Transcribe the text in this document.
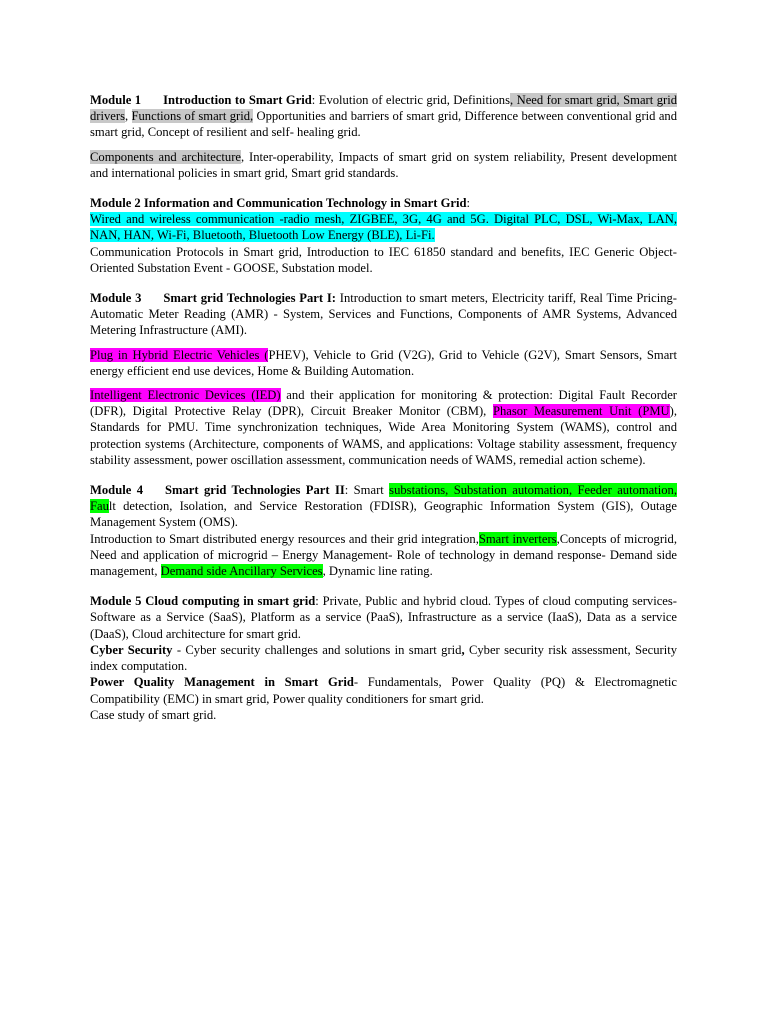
Module 1 Introduction to Smart Grid: Evolution of electric grid, Definitions, Need for smart grid, Smart grid drivers, Functions of smart grid, Opportunities and barriers of smart grid, Difference between conventional grid and smart grid, Concept of resilient and self- healing grid.

Components and architecture, Inter-operability, Impacts of smart grid on system reliability, Present development and international policies in smart grid, Smart grid standards.

Module 2 Information and Communication Technology in Smart Grid:

Wired and wireless communication -radio mesh, ZIGBEE, 3G, 4G and 5G. Digital PLC, DSL, Wi-Max, LAN, NAN, HAN, Wi-Fi, Bluetooth, Bluetooth Low Energy (BLE), Li-Fi.

Communication Protocols in Smart grid, Introduction to IEC 61850 standard and benefits, IEC Generic Object-Oriented Substation Event - GOOSE, Substation model.

Module 3 Smart grid Technologies Part I: Introduction to smart meters, Electricity tariff, Real Time Pricing- Automatic Meter Reading (AMR) - System, Services and Functions, Components of AMR Systems, Advanced Metering Infrastructure (AMI).

Plug in Hybrid Electric Vehicles (PHEV), Vehicle to Grid (V2G), Grid to Vehicle (G2V), Smart Sensors, Smart energy efficient end use devices, Home & Building Automation.

Intelligent Electronic Devices (IED) and their application for monitoring & protection: Digital Fault Recorder (DFR), Digital Protective Relay (DPR), Circuit Breaker Monitor (CBM), Phasor Measurement Unit (PMU), Standards for PMU. Time synchronization techniques, Wide Area Monitoring System (WAMS), control and protection systems (Architecture, components of WAMS, and applications: Voltage stability assessment, frequency stability assessment, power oscillation assessment, communication needs of WAMS, remedial action scheme).

Module 4 Smart grid Technologies Part II: Smart substations, Substation automation, Feeder automation, Fault detection, Isolation, and Service Restoration (FDISR), Geographic Information System (GIS), Outage Management System (OMS).

Introduction to Smart distributed energy resources and their grid integration,Smart inverters,Concepts of microgrid, Need and application of microgrid – Energy Management- Role of technology in demand response- Demand side management, Demand side Ancillary Services, Dynamic line rating.

Module 5 Cloud computing in smart grid: Private, Public and hybrid cloud. Types of cloud computing services- Software as a Service (SaaS), Platform as a service (PaaS), Infrastructure as a service (IaaS), Data as a service (DaaS), Cloud architecture for smart grid.

Cyber Security - Cyber security challenges and solutions in smart grid, Cyber security risk assessment, Security index computation.

Power Quality Management in Smart Grid- Fundamentals, Power Quality (PQ) & Electromagnetic Compatibility (EMC) in smart grid, Power quality conditioners for smart grid.

Case study of smart grid.
